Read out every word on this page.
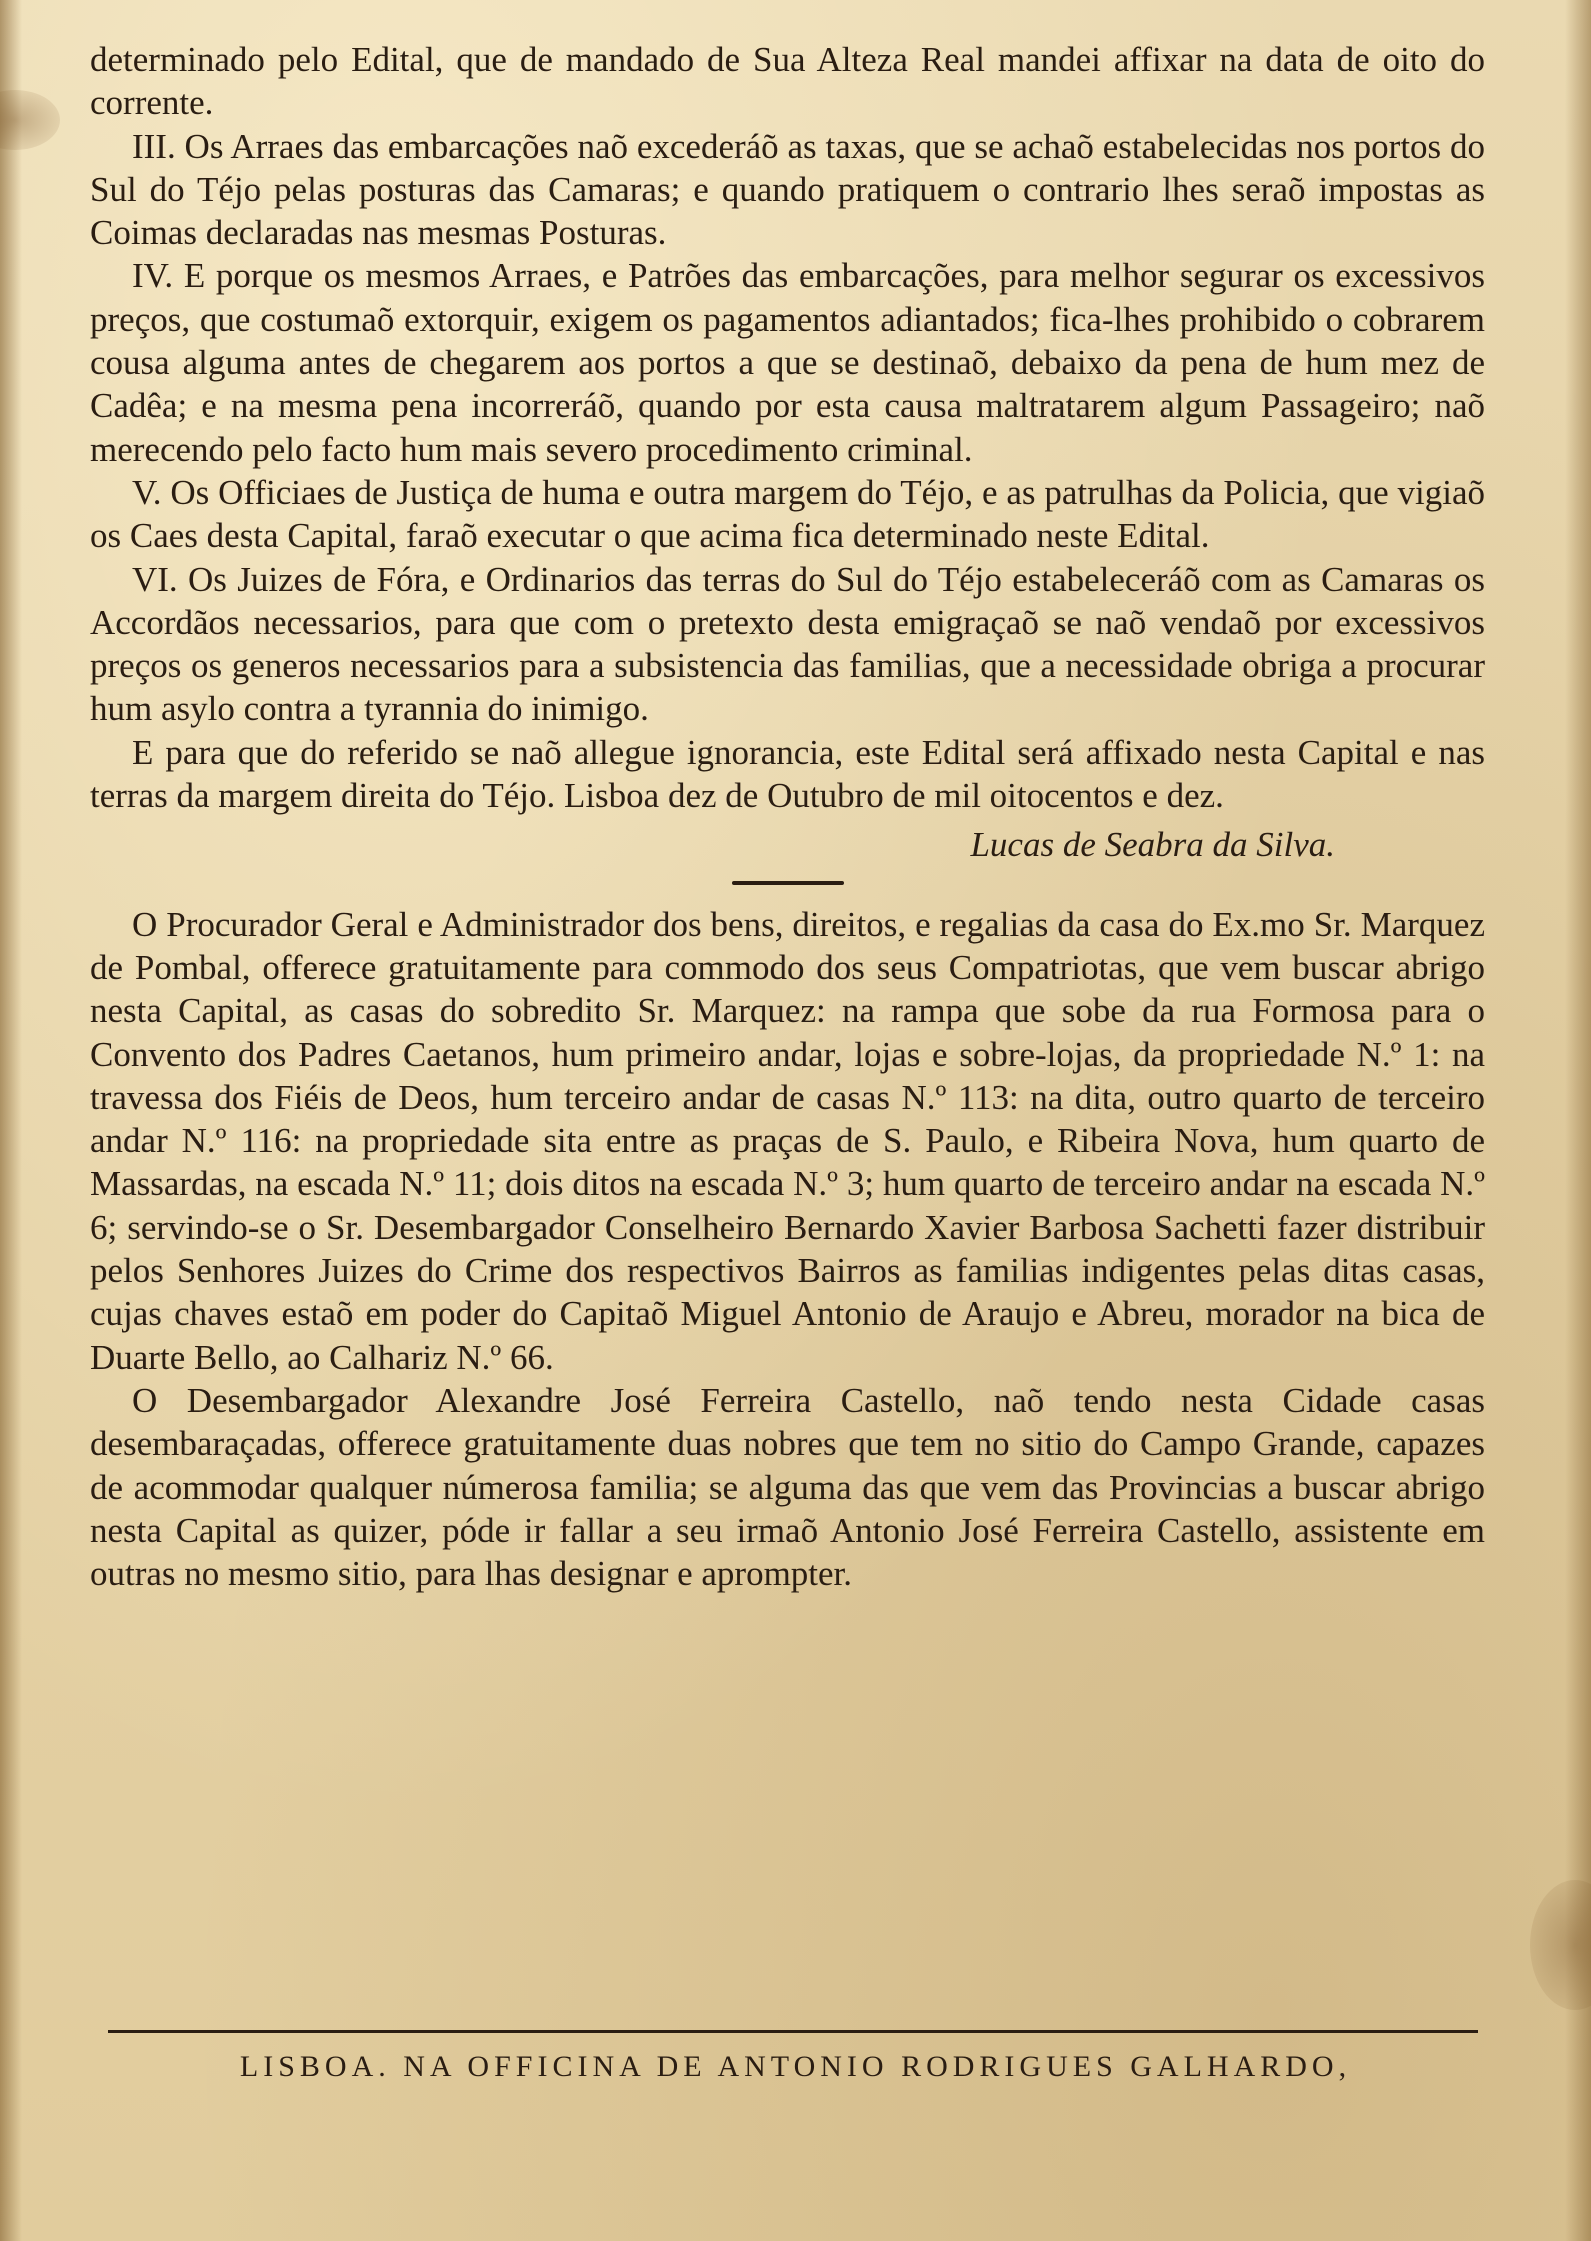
determinado pelo Edital, que de mandado de Sua Alteza Real mandei affixar na data de oito do corrente.

III. Os Arraes das embarcações naõ excederáõ as taxas, que se achaõ estabelecidas nos portos do Sul do Téjo pelas posturas das Camaras; e quando pratiquem o contrario lhes seraõ impostas as Coimas declaradas nas mesmas Posturas.

IV. E porque os mesmos Arraes, e Patrões das embarcações, para melhor segurar os excessivos preços, que costumaõ extorquir, exigem os pagamentos adiantados; fica-lhes prohibido o cobrarem cousa alguma antes de chegarem aos portos a que se destinaõ, debaixo da pena de hum mez de Cadêa; e na mesma pena incorreráõ, quando por esta causa maltratarem algum Passageiro; naõ merecendo pelo facto hum mais severo procedimento criminal.

V. Os Officiaes de Justiça de huma e outra margem do Téjo, e as patrulhas da Policia, que vigiaõ os Caes desta Capital, faraõ executar o que acima fica determinado neste Edital.

VI. Os Juizes de Fóra, e Ordinarios das terras do Sul do Téjo estabeleceráõ com as Camaras os Accordãos necessarios, para que com o pretexto desta emigraçaõ se naõ vendaõ por excessivos preços os generos necessarios para a subsistencia das familias, que a necessidade obriga a procurar hum asylo contra a tyrannia do inimigo.

E para que do referido se naõ allegue ignorancia, este Edital será affixado nesta Capital e nas terras da margem direita do Téjo. Lisboa dez de Outubro de mil oitocentos e dez.

Lucas de Seabra da Silva.

O Procurador Geral e Administrador dos bens, direitos, e regalias da casa do Ex.mo Sr. Marquez de Pombal, offerece gratuitamente para commodo dos seus Compatriotas, que vem buscar abrigo nesta Capital, as casas do sobredito Sr. Marquez: na rampa que sobe da rua Formosa para o Convento dos Padres Caetanos, hum primeiro andar, lojas e sobre-lojas, da propriedade N.º 1: na travessa dos Fiéis de Deos, hum terceiro andar de casas N.º 113: na dita, outro quarto de terceiro andar N.º 116: na propriedade sita entre as praças de S. Paulo, e Ribeira Nova, hum quarto de Massardas, na escada N.º 11; dois ditos na escada N.º 3; hum quarto de terceiro andar na escada N.º 6; servindo-se o Sr. Desembargador Conselheiro Bernardo Xavier Barbosa Sachetti fazer distribuir pelos Senhores Juizes do Crime dos respectivos Bairros as familias indigentes pelas ditas casas, cujas chaves estaõ em poder do Capitaõ Miguel Antonio de Araujo e Abreu, morador na bica de Duarte Bello, ao Calhariz N.º 66.

O Desembargador Alexandre José Ferreira Castello, naõ tendo nesta Cidade casas desembaraçadas, offerece gratuitamente duas nobres que tem no sitio do Campo Grande, capazes de acommodar qualquer númerosa familia; se alguma das que vem das Provincias a buscar abrigo nesta Capital as quizer, póde ir fallar a seu irmaõ Antonio José Ferreira Castello, assistente em outras no mesmo sitio, para lhas designar e aprompter.

LISBOA. NA OFFICINA DE ANTONIO RODRIGUES GALHARDO,
